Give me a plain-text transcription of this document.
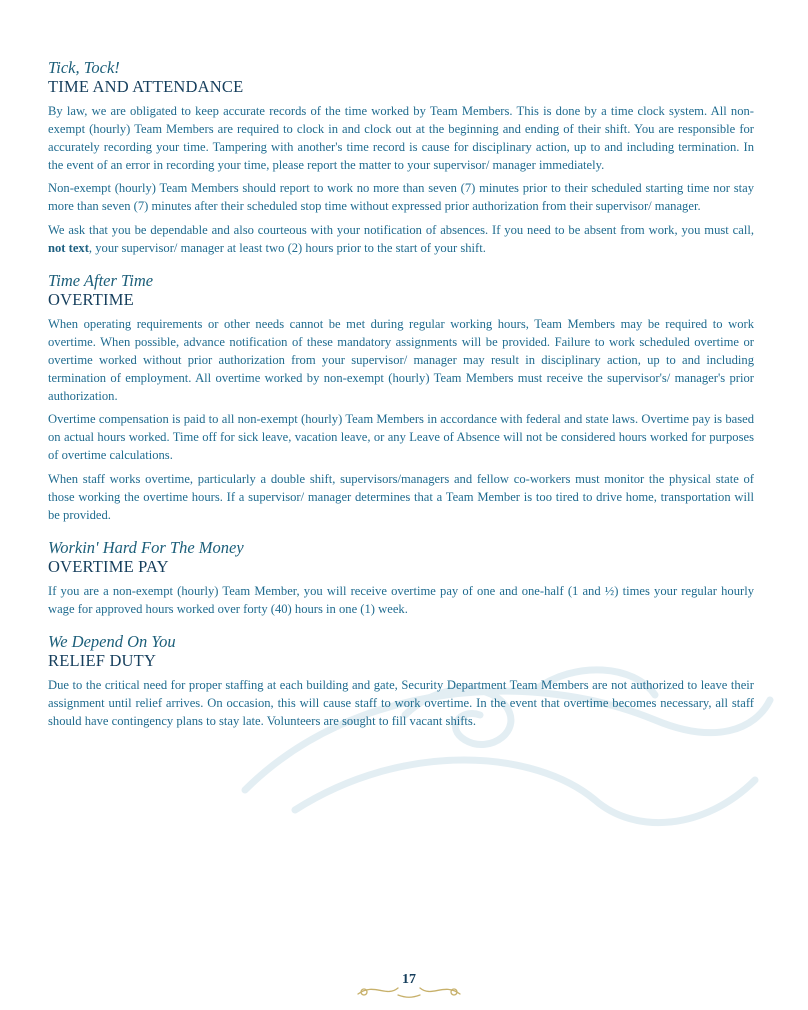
Tick, Tock!

TIME AND ATTENDANCE

By law, we are obligated to keep accurate records of the time worked by Team Members. This is done by a time clock system. All non-exempt (hourly) Team Members are required to clock in and clock out at the beginning and ending of their shift. You are responsible for accurately recording your time. Tampering with another's time record is cause for disciplinary action, up to and including termination. In the event of an error in recording your time, please report the matter to your supervisor/ manager immediately.

Non-exempt (hourly) Team Members should report to work no more than seven (7) minutes prior to their scheduled starting time nor stay more than seven (7) minutes after their scheduled stop time without expressed prior authorization from their supervisor/ manager.

We ask that you be dependable and also courteous with your notification of absences. If you need to be absent from work, you must call, not text, your supervisor/ manager at least two (2) hours prior to the start of your shift.

Time After Time

OVERTIME

When operating requirements or other needs cannot be met during regular working hours, Team Members may be required to work overtime. When possible, advance notification of these mandatory assignments will be provided. Failure to work scheduled overtime or overtime worked without prior authorization from your supervisor/ manager may result in disciplinary action, up to and including termination of employment. All overtime worked by non-exempt (hourly) Team Members must receive the supervisor's/ manager's prior authorization.

Overtime compensation is paid to all non-exempt (hourly) Team Members in accordance with federal and state laws. Overtime pay is based on actual hours worked. Time off for sick leave, vacation leave, or any Leave of Absence will not be considered hours worked for purposes of overtime calculations.

When staff works overtime, particularly a double shift, supervisors/managers and fellow co-workers must monitor the physical state of those working the overtime hours. If a supervisor/ manager determines that a Team Member is too tired to drive home, transportation will be provided.

Workin' Hard For The Money

OVERTIME PAY

If you are a non-exempt (hourly) Team Member, you will receive overtime pay of one and one-half (1 and ½) times your regular hourly wage for approved hours worked over forty (40) hours in one (1) week.

We Depend On You

RELIEF DUTY

Due to the critical need for proper staffing at each building and gate, Security Department Team Members are not authorized to leave their assignment until relief arrives. On occasion, this will cause staff to work overtime. In the event that overtime becomes necessary, all staff should have contingency plans to stay late. Volunteers are sought to fill vacant shifts.

17
